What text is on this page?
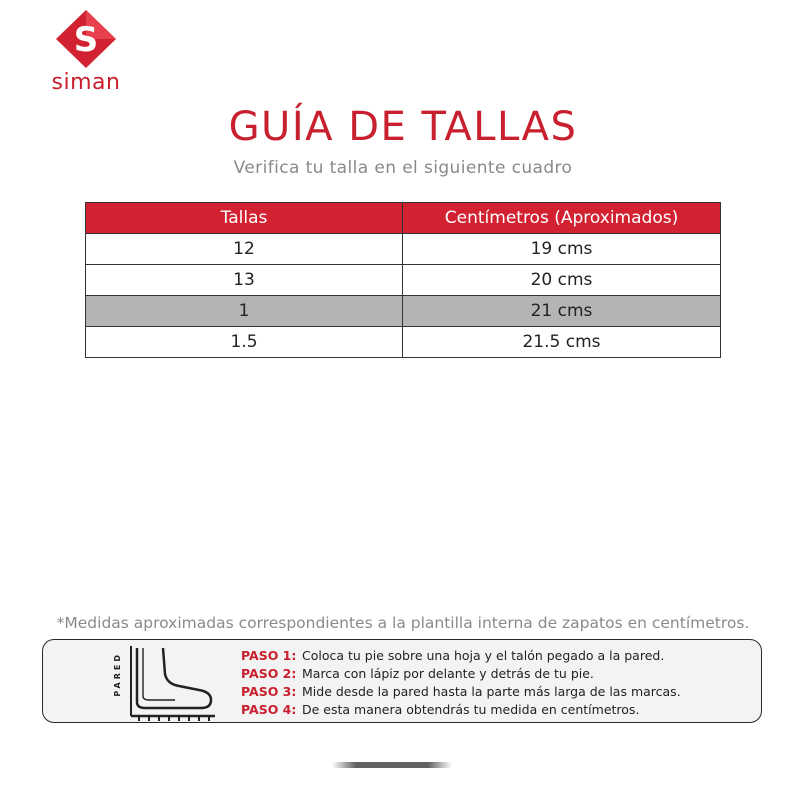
S
siman
GUÍA DE TALLAS
Verifica tu talla en el siguiente cuadro
Tallas	Centímetros (Aproximados)
12	19 cms
13	20 cms
1	21 cms
1.5	21.5 cms
*Medidas aproximadas correspondientes a la plantilla interna de zapatos en centímetros.
PARED	PASO 1: Coloca tu pie sobre una hoja y el talón pegado a la pared.
PASO 2: Marca con lápiz por delante y detrás de tu pie.
PASO 3: Mide desde la pared hasta la parte más larga de las marcas.
PASO 4: De esta manera obtendrás tu medida en centímetros.
